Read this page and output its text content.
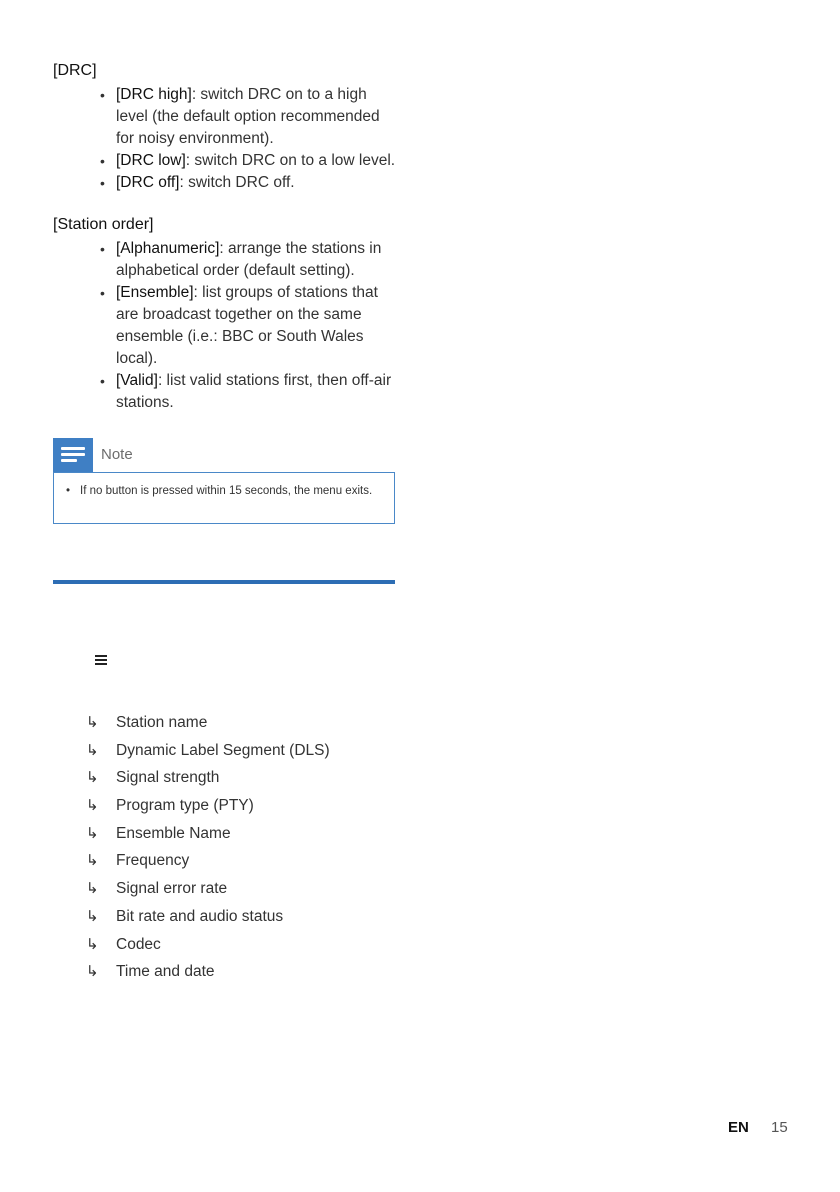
[DRC]
• [DRC high]: switch DRC on to a high level (the default option recommended for noisy environment).
• [DRC low]: switch DRC on to a low level.
• [DRC off]: switch DRC off.
[Station order]
• [Alphanumeric]: arrange the stations in alphabetical order (default setting).
• [Ensemble]: list groups of stations that are broadcast together on the same ensemble (i.e.: BBC or South Wales local).
• [Valid]: list valid stations first, then off-air stations.
Note
• If no button is pressed within 15 seconds, the menu exits.
↳ Station name
↳ Dynamic Label Segment (DLS)
↳ Signal strength
↳ Program type (PTY)
↳ Ensemble Name
↳ Frequency
↳ Signal error rate
↳ Bit rate and audio status
↳ Codec
↳ Time and date
EN 15
